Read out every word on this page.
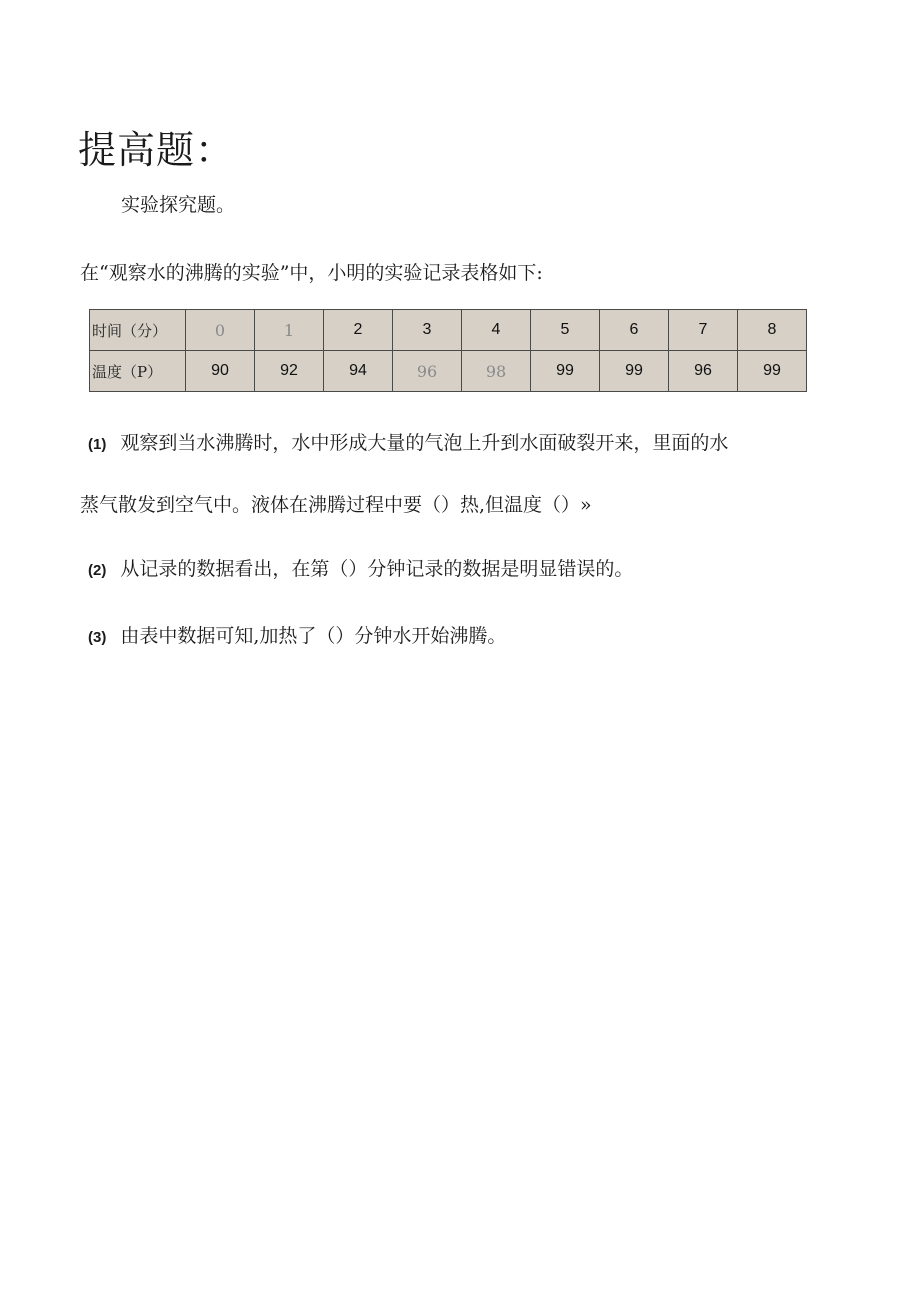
提高题：
实验探究题。
在“观察水的沸腾的实验”中，小明的实验记录表格如下:
时间（分）	0	1	2	3	4	5	6	7	8
温度（P）	90	92	94	96	98	99	99	96	99
(1) 观察到当水沸腾时，水中形成大量的气泡上升到水面破裂开来，里面的水
蒸气散发到空气中。液体在沸腾过程中要（）热,但温度（）»
(2) 从记录的数据看出，在第（）分钟记录的数据是明显错误的。
(3) 由表中数据可知,加热了（）分钟水开始沸腾。
